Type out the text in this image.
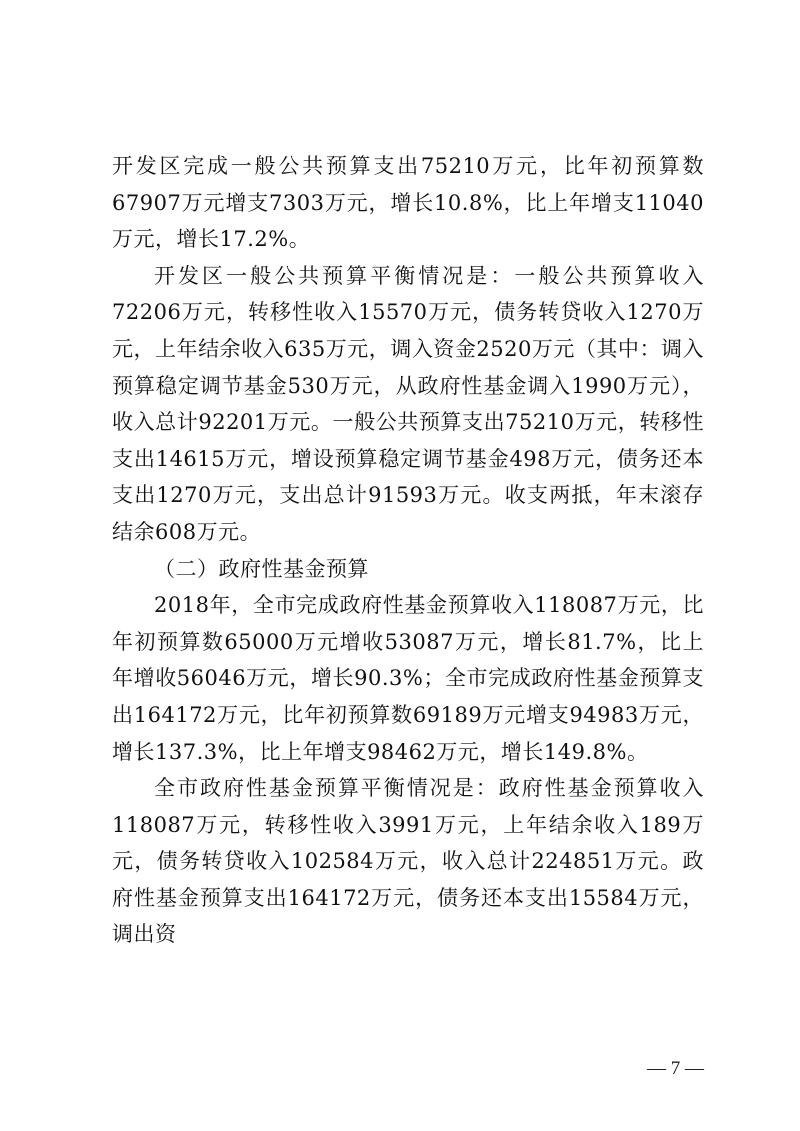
开发区完成一般公共预算支出75210万元，比年初预算数67907万元增支7303万元，增长10.8%，比上年增支11040万元，增长17.2%。

开发区一般公共预算平衡情况是：一般公共预算收入72206万元，转移性收入15570万元，债务转贷收入1270万元，上年结余收入635万元，调入资金2520万元（其中：调入预算稳定调节基金530万元，从政府性基金调入1990万元），收入总计92201万元。一般公共预算支出75210万元，转移性支出14615万元，增设预算稳定调节基金498万元，债务还本支出1270万元，支出总计91593万元。收支两抵，年末滚存结余608万元。

（二）政府性基金预算

2018年，全市完成政府性基金预算收入118087万元，比年初预算数65000万元增收53087万元，增长81.7%，比上年增收56046万元，增长90.3%；全市完成政府性基金预算支出164172万元，比年初预算数69189万元增支94983万元，增长137.3%，比上年增支98462万元，增长149.8%。

全市政府性基金预算平衡情况是：政府性基金预算收入118087万元，转移性收入3991万元，上年结余收入189万元，债务转贷收入102584万元，收入总计224851万元。政府性基金预算支出164172万元，债务还本支出15584万元，调出资

— 7 —
